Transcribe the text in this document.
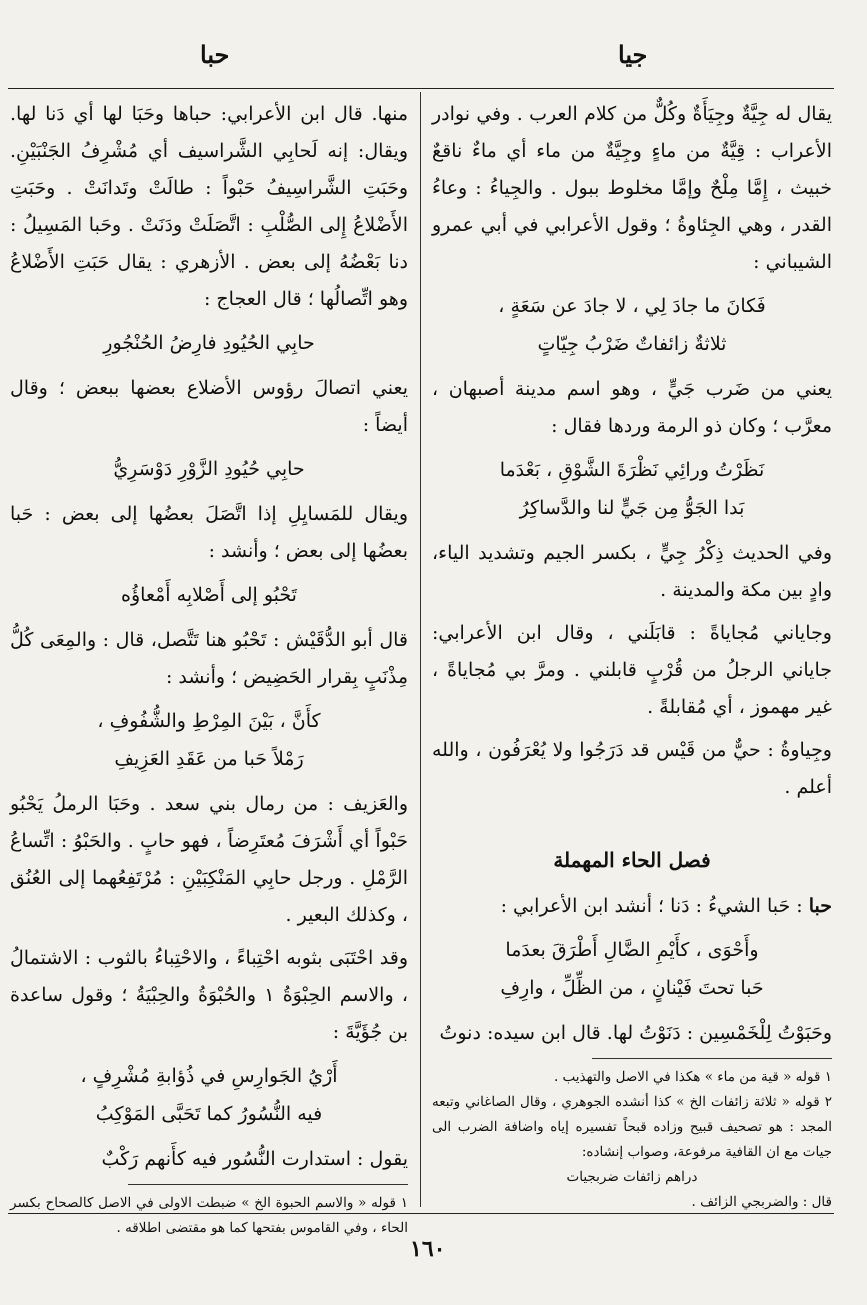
حبا	جيا

يقال له جِيَّةٌ وجِيَأَةٌ وكُلٌّ من كلام العرب . وفي نوادر الأعراب : قِيَّةٌ من ماءٍ وجِيَّةٌ من ماء أي ماءٌ ناقعٌ خبيث ، إِمَّا مِلْحٌ وإمَّا مخلوط ببول . والجِياءُ : وعاءُ القدر ، وهي الجِئاوةُ ؛ وقول الأعرابي في أبي عمرو الشيباني :

فَكانَ ما جادَ لِي ، لا جادَ عن سَعَةٍ ،
ثلاثةٌ زائفاتٌ ضَرْبُ جِيّاتٍ

يعني من ضَرب جَيٍّ ، وهو اسم مدينة أصبهان ، معرَّب ؛ وكان ذو الرمة وردها فقال :

نَظَرْتُ ورائِي نَظْرَةَ الشَّوْقِ ، بَعْدَما
بَدا الجَوُّ مِن جَيٍّ لنا والدَّساكِرُ

وفي الحديث ذِكْرُ جِيٍّ ، بكسر الجيم وتشديد الياء، وادٍ بين مكة والمدينة .

وجاياني مُجاياةً : قابَلَني ، وقال ابن الأعرابي: جاياني الرجلُ من قُرْبٍ قابلني . ومرَّ بي مُجاياةً ، غير مهموز ، أي مُقابلةً .

وجِياوةُ : حيٌّ من قَيْس قد دَرَجُوا ولا يُعْرَفُون ، والله أعلم .

فصل الحاء المهملة

حبا : حَبا الشيءُ : دَنا ؛ أنشد ابن الأعرابي :

وأَحْوَى ، كأَيْمِ الضَّالِ أَطْرَقَ بعدَما
حَبا تحتَ فَيْنانٍ ، من الظِّلِّ ، وارِفِ

وحَبَوْتُ لِلْخَمْسِين : دَنَوْتُ لها. قال ابن سيده: دنوتُ

١ قوله « قية من ماء » هكذا في الاصل والتهذيب .

٢ قوله « ثلاثة زائفات الخ » كذا أنشده الجوهري ، وقال الصاغاني وتبعه المجد : هو تصحيف قبيح وزاده قبحاً تفسيره إياه واضافة الضرب الى جيات مع ان القافية مرفوعة، وصواب إنشاده:

دراهم زائفات ضربجيات

قال : والضربجي الزائف .

منها. قال ابن الأعرابي: حباها وحَبَا لها أي دَنا لها. ويقال: إنه لَحابِي الشَّراسيف أي مُشْرِفُ الجَنْبَيْنِ. وحَبَتِ الشَّراسِيفُ حَبْواً : طالَتْ وتَدانَتْ . وحَبَتِ الأَضْلاعُ إِلى الصُّلْبِ : اتَّصَلَتْ ودَنَتْ . وحَبا المَسِيلُ : دنا بَعْضُهُ إلى بعض . الأزهري : يقال حَبَتِ الأَضْلاعُ وهو اتِّصالُها ؛ قال العجاج :

حابِي الحُيُودِ فارِضُ الحُنْجُورِ

يعني اتصالَ رؤوس الأضلاع بعضها ببعض ؛ وقال أيضاً :

حابِي حُيُودِ الزَّوْرِ دَوْسَرِيُّ

ويقال للمَسايِلِ إذا اتَّصَلَ بعضُها إلى بعض : حَبا بعضُها إلى بعض ؛ وأنشد :

تَحْبُو إلى أَصْلابِه أَمْعاؤُه

قال أبو الدُّقَيْش : تَحْبُو هنا تَتَّصل، قال : والمِعَى كُلُّ مِذْنَبٍ بِقرار الحَضِيض ؛ وأنشد :

كأَنَّ ، بَيْنَ المِرْطِ والشُّفُوفِ ،
رَمْلاً حَبا من عَقَدِ العَزِيفِ

والعَزيف : من رمال بني سعد . وحَبَا الرملُ يَحْبُو حَبْواً أي أَشْرَفَ مُعتَرِضاً ، فهو حابٍ . والحَبْوُ : اتِّساعُ الرَّمْلِ . ورجل حابِي المَنْكِبَيْنِ : مُرْتَفِعُهما إلى العُنُق ، وكذلك البعير .

وقد احْتَبَى بثوبه احْتِباءً ، والاحْتِباءُ بالثوب : الاشتمالُ ، والاسم الحِبْوَةُ ١ والحُبْوَةُ والحِبْيَةُ ؛ وقول ساعدة بن جُؤَيَّةَ :

أَرْيُ الجَوارِسِ في ذُؤابةِ مُشْرِفٍ ،
فيه النُّسُورُ كما تَحَبَّى المَوْكِبُ

يقول : استدارت النُّسُور فيه كأَنهم رَكْبٌ

١ قوله « والاسم الحبوة الخ » ضبطت الاولى في الاصل كالصحاح بكسر الحاء ، وفي القاموس بفتحها كما هو مقتضى اطلاقه .

١٦٠
